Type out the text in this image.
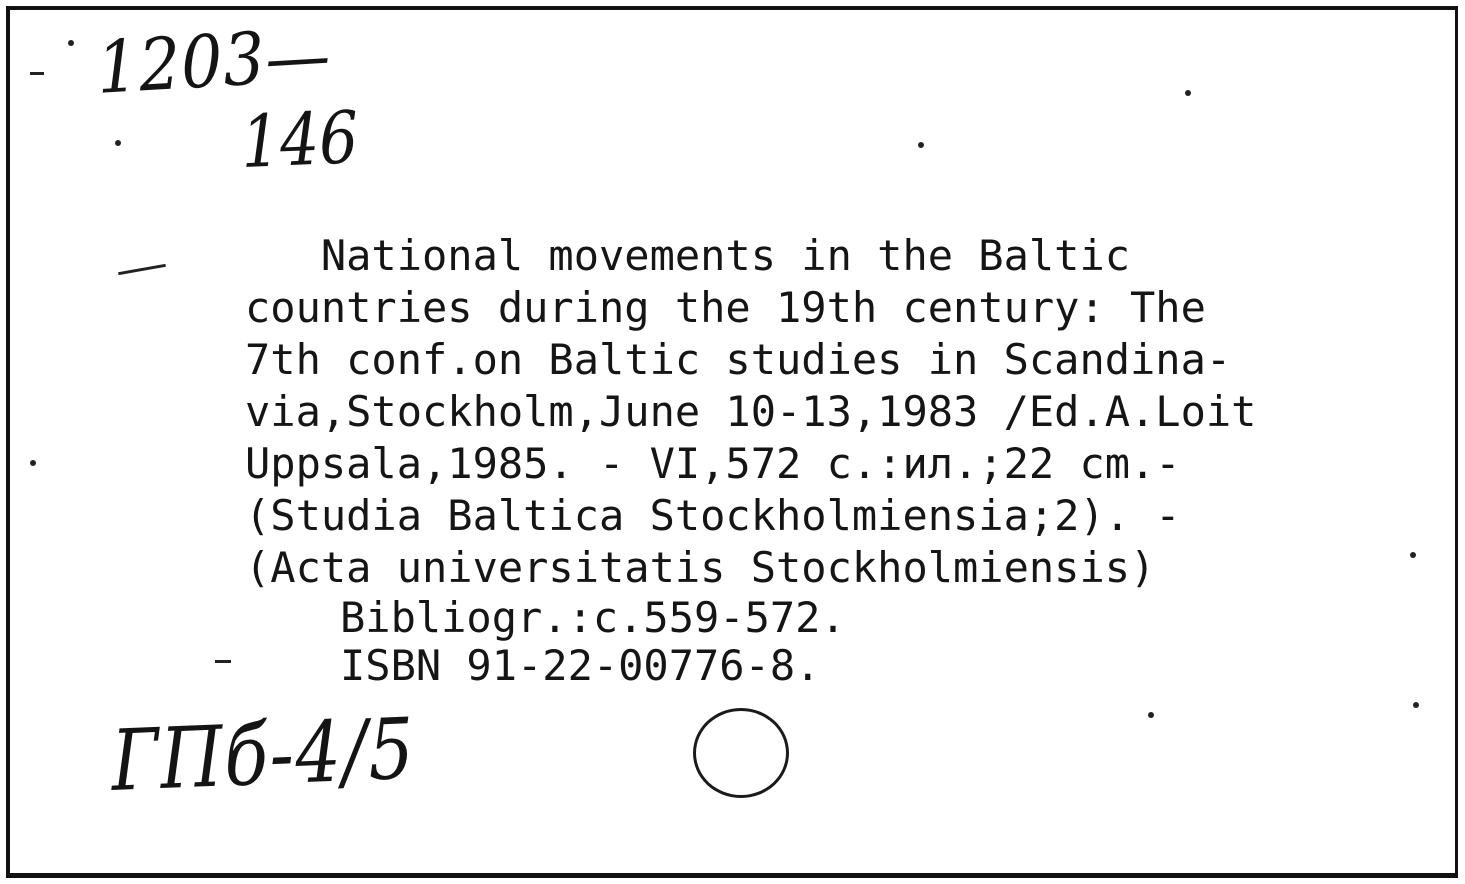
1203—
146
National movements in the Baltic
countries during the 19th century: The
7th conf.on Baltic studies in Scandina-
via,Stockholm,June 10-13,1983 /Ed.A.Loit
Uppsala,1985. - VI,572 c.:ил.;22 cm.-
(Studia Baltica Stockholmiensia;2). -
(Acta universitatis Stockholmiensis)
Bibliogr.:c.559-572.
ISBN 91-22-00776-8.
ГПб-4/5
